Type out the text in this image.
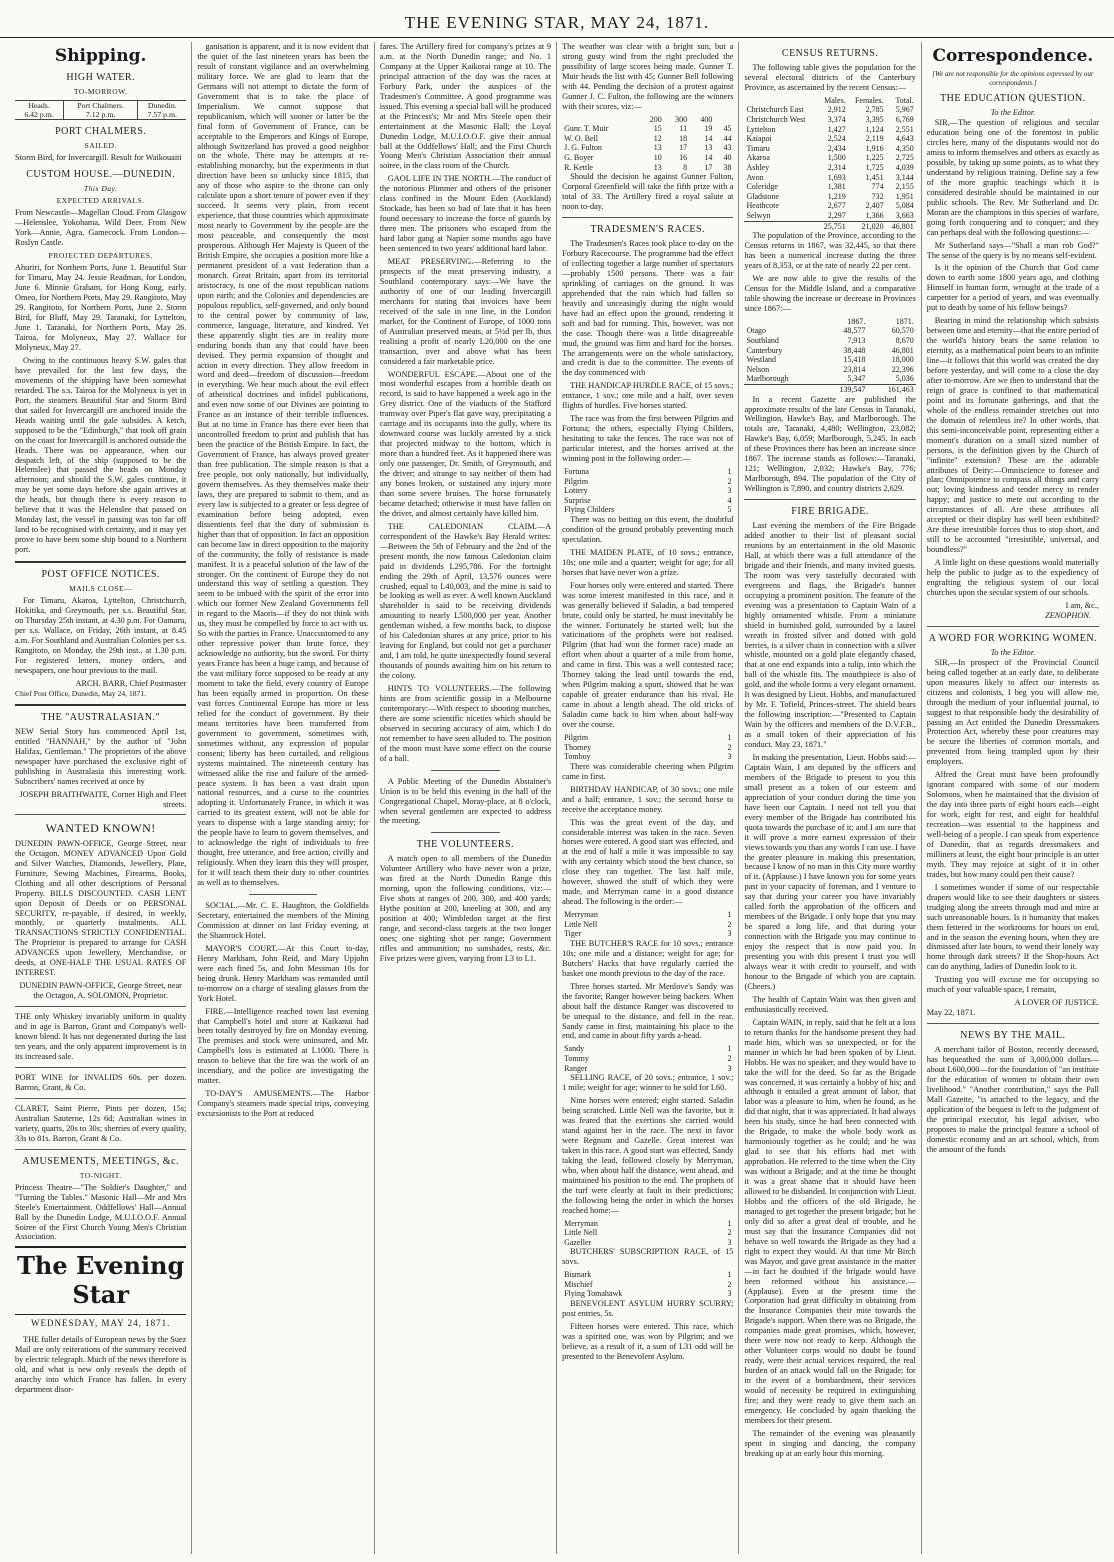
THE EVENING STAR, MAY 24, 1871.
Shipping.
HIGH WATER.
TO-MORROW.
Heads.
6.42 p.m.

Port Chalmers.
7.12 p.m.

Dunedin.
7.57 p.m.
PORT CHALMERS.
SAILED.

Storm Bird, for Invercargill. Result for Waikouaiti

CUSTOM HOUSE.—DUNEDIN.
This Day.
EXPECTED ARRIVALS.

From Newcastle—Magellan Cloud. From Glasgow—Helenslee, Yokohama, Wild Deer. From New York—Annie, Agra, Gamecock. From London—Roslyn Castle.

PROJECTED DEPARTURES.

Ahuriri, for Northern Ports, June 1. Beautiful Star for Timaru, May 24. Jessie Readman, for London, June 6. Minnie Graham, for Hong Kong, early. Omeo, for Northern Ports, May 29. Rangitoto, May 29. Rangitoto, for Northern Ports, June 2. Storm Bird, for Bluff, May 29. Taranaki, for Lyttelton, June 1. Taranaki, for Northern Ports, May 26. Tairoa, for Molyneux, May 27. Wallace for Molyneux, May 27.

Owing to the continuous heavy S.W. gales that have prevailed for the last few days, the movements of the shipping have been somewhat retarded. The s.s. Tairoa for the Molyneux is yet in Port, the steamers Beautiful Star and Storm Bird that sailed for Invercargill are anchored inside the Heads waiting until the gale subsides. A ketch, supposed to be the "Edinburgh," that took off grain on the coast for Invercargill is anchored outside the Heads. There was no appearance, when our despatch left, of the ship (supposed to be the Helenslee) that passed the heads on Monday afternoon; and should the S.W. gales continue, it may be yet some days before she again arrives at the heads, but though there is every reason to believe that it was the Helenslee that passed on Monday last, the vessel in passing was too far off land to be recognised with certainty, and it may yet prove to have been some ship bound to a Northern port.

POST OFFICE NOTICES.
MAILS CLOSE—

For Timaru, Akaroa, Lyttelton, Christchurch, Hokitika, and Greymouth, per s.s. Beautiful Star, on Thursday 25th instant, at 4.30 p.m. For Oamaru, per s.s. Wallace, on Friday, 26th instant, at 8.45 a.m. For Southland and Australian Colonies per s.s. Rangitoto, on Monday, the 29th inst., at 1.30 p.m. For registered letters, money orders, and newspapers, one hour previous to the mail.

ARCH. BARR, Chief Postmaster
Chief Post Office, Dunedin, May 24, 1871.
THE "AUSTRALASIAN."

NEW Serial Story has commenced April 1st, entitled "HANNAH," by the author of "John Halifax, Gentleman." The proprietors of the above newspaper have purchased the exclusive right of publishing in Australasia this interesting work. Subscribers' names received at once by

JOSEPH BRAITHWAITE, Corner High and Fleet streets.
WANTED KNOWN!

DUNEDIN PAWN-OFFICE, George Street, near the Octagon. MONEY ADVANCED Upon Gold and Silver Watches, Diamonds, Jewellery, Plate, Furniture, Sewing Machines, Firearms, Books, Clothing and all other descriptions of Personal Property. BILLS DISCOUNTED. CASH LENT upon Deposit of Deeds or on PERSONAL SECURITY, re-payable, if desired, in weekly, monthly, or quarterly instalments. ALL TRANSACTIONS STRICTLY CONFIDENTIAL. The Proprietor is prepared to arrange for CASH ADVANCES upon Jewellery, Merchandise, or deeds, at ONE-HALF THE USUAL RATES OF INTEREST.

DUNEDIN PAWN-OFFICE, George Street, near the Octagon, A. SOLOMON, Proprietor.

THE only Whiskey invariably uniform in quality and in age is Barron, Grant and Company's well-known blend. It has not degenerated during the last ten years, and the only apparent improvement is in its increased sale.

PORT WINE for INVALIDS 60s. per dozen. Barron, Grant, & Co.

CLARET, Saint Pierre, Pints per dozen, 15s; Australian Sauterne, 12s 6d; Australian wines in variety, quarts, 20s to 30s; sherries of every quality, 33s to 81s. Barron, Grant & Co.

AMUSEMENTS, MEETINGS, &c.
TO-NIGHT.

Princess Theatre—"The Soldier's Daughter," and "Turning the Tables." Masonic Hall—Mr and Mrs Steele's Entertainment. Oddfellows' Hall—Annual Ball by the Dunedin Lodge, M.U.I.O.O.F. Annual Soiree of the First Church Young Men's Christian Association.

The Evening Star
WEDNESDAY, MAY 24, 1871.

THE fuller details of European news by the Suez Mail are only reiterations of the summary received by electric telegraph. Much of the news therefore is old, and what is new only reveals the depth of anarchy into which France has fallen. In every department disor-

ganisation is apparent, and it is now evident that the quiet of the last nineteen years has been the result of constant vigilance and an overwhelming military force. We are glad to learn that the Germans will not attempt to dictate the form of Government that is to take the place of Imperialism. We cannot suppose that republicanism, which will sooner or latter be the final form of Government of France, can be acceptable to the Emperors and Kings of Europe, although Switzerland has proved a good neighbor on the whole. There may be attempts at re-establishing monarchy, but the experiments in that direction have been so unlucky since 1815, that any of those who aspire to the throne can only calculate upon a short tenure of power even if they succeed. It seems very plain, from recent experience, that those countries which approximate most nearly to Government by the people are the most peaceable, and consequently the most prosperous. Although Her Majesty is Queen of the British Empire, she occupies a position more like a permanent president of a vast federation than a monarch. Great Britain, apart from its territorial aristocracy, is one of the most republican nations upon earth; and the Colonies and dependencies are populous republics, self-governed, and only bound to the central power by community of law, commerce, language, literature, and kindred. Yet these apparently slight ties are in reality more enduring bonds than any that could have been devised. They permit expansion of thought and action in every direction. They allow freedom in word and deed—freedom of discussion—freedom in everything. We hear much about the evil effect of atheistical doctrines and infidel publications, and even now some of our Divines are pointing to France as an instance of their terrible influences. But at no time in France has there ever been that uncontrolled freedom to print and publish that has been the practice of the British Empire. In fact, the Government of France, has always proved greater than free publication. The simple reason is that a free people, not only nationally, but individually, govern themselves. As they themselves make their laws, they are prepared to submit to them, and as every law is subjected to a greater or less degree of examination before being adopted, even dissentients feel that the duty of submission is higher than that of opposition. In fact an opposition can become law in direct opposition to the majority of the community, the folly of resistance is made manifest. It is a peaceful solution of the law of the stronger. On the continent of Europe they do not understand this way of settling a question. They seem to be imbued with the spirit of the error into which our former New Zealand Governments fell in regard to the Maoris—if they do not think with us, they must be compelled by force to act with us. So with the parties in France. Unaccustomed to any other repressive power than brute force, they acknowledge no authority, but the sword. For thirty years France has been a huge camp, and because of the vast military force supposed to be ready at any moment to take the field, every country of Europe has been equally armed in proportion. On these vast forces Continental Europe has more or less relied for the conduct of government. By their means territories have been transferred from government to government, sometimes with, sometimes without, any expression of popular consent; liberty has been curtailed, and religious systems maintained. The nineteenth century has witnessed alike the rise and failure of the armed-peace system. It has been a vast drain upon national resources, and a curse to the countries adopting it. Unfortunately France, in which it was carried to its greatest extent, will not be able for years to dispense with a large standing army; for the people have to learn to govern themselves, and to acknowledge the right of individuals to free thought, free utterance, and free action, civilly and religiously. When they learn this they will prosper, for it will teach them their duty to other countries as well as to themselves.

SOCIAL.—Mr. C. E. Haughton, the Goldfields Secretary, entertained the members of the Mining Commission at dinner on last Friday evening, at the Shamrock Hotel.

MAYOR'S COURT.—At this Court to-day, Henry Markham, John Reid, and Mary Upjohn were each fined 5s, and John Messman 10s for being drunk. Henry Markham was remanded until to-morrow on a charge of stealing glasses from the York Hotel.

FIRE.—Intelligence reached town last evening that Campbell's hotel and store at Kaikanui had been totally destroyed by fire on Monday evening. The premises and stock were uninsured, and Mr. Campbell's loss is estimated at L1000. There is reason to believe that the fire was the work of an incendiary, and the police are investigating the matter.

TO-DAY'S AMUSEMENTS.—The Harbor Company's steamers made special trips, conveying excursionists to the Port at reduced

fares. The Artillery fired for company's prizes at 9 a.m. at the North Dunedin range; and No. 1 Company at the Upper Kaikorai range at 10. The principal attraction of the day was the races at Forbury Park, under the auspices of the Tradesmen's Committee. A good programme was issued. This evening a special ball will be produced at the Princess's; Mr and Mrs Steele open their entertainment at the Masonic Hall; the Loyal Dunedin Lodge, M.U.I.O.O.F. give their annual ball at the Oddfellows' Hall; and the First Church Young Men's Christian Association their annual soiree, in the class room of the Church.

GAOL LIFE IN THE NORTH.—The conduct of the notorious Plimmer and others of the prisoner class confined in the Mount Eden (Auckland) Stockade, has been so bad of late that it has been found necessary to increase the force of guards by three men. The prisoners who escaped from the hard labor gang at Napier some months ago have been sentenced to two years' additional hard labor.

MEAT PRESERVING.—Referring to the prospects of the meat preserving industry, a Southland contemporary says:—We have the authority of one of our leading Invercargill merchants for stating that invoices have been received of the sale in one line, in the London market, for the Continent of Europe, of 1000 tons of Australian preserved meats, at 5½d per lb, thus realising a profit of nearly L20,000 on the one transaction, over and above what has been considered a fair marketable price.

WONDERFUL ESCAPE.—About one of the most wonderful escapes from a horrible death on record, is said to have happened a week ago in the Grey district. One of the viaducts of the Stafford tramway over Piper's flat gave way, precipitating a carriage and its occupants into the gully, where its downward course was luckily arrested by a stick that projected midway to the bottom, which is more than a hundred feet. As it happened there was only one passenger, Dr. Smith, of Greymouth, and the driver; and strange to say neither of them had any bones broken, or sustained any injury more than some severe bruises. The horse fortunately became detached; otherwise it must have fallen on the driver, and almost certainly have killed him.

THE CALEDONIAN CLAIM.—A correspondent of the Hawke's Bay Herald writes:—Between the 5th of February and the 2nd of the present month, the now famous Caledonian claim paid in dividends L295,786. For the fortnight ending the 29th of April, 13,576 ounces were crushed, equal to L40,003, and the mine is said to be looking as well as ever. A well known Auckland shareholder is said to be receiving dividends amounting to nearly L500,000 per year. Another gentleman wished, a few months back, to dispose of his Caledonian shares at any price, prior to his leaving for England, but could not get a purchaser and, I am told, he quite unexpectedly found several thousands of pounds awaiting him on his return to the colony.

HINTS TO VOLUNTEERS.—The following hints are from scientific gossip in a Melbourne contemporary:—With respect to shooting matches, there are some scientific niceties which should be observed in securing accuracy of aim, which I do not remember to have seen alluded to. The position of the moon must have some effect on the course of a ball.

A Public Meeting of the Dunedin Abstainer's Union is to be held this evening in the hall of the Congregational Chapel, Moray-place, at 8 o'clock, when several gentlemen are expected to address the meeting.

THE VOLUNTEERS.

A match open to all members of the Dunedin Volunteer Artillery who have never won a prize, was fired at the North Dunedin Range this morning, upon the following conditions, viz:—Five shots at ranges of 200, 300, and 400 yards; Hythe position at 200, kneeling at 300, and any position at 400; Wimbledon target at the first range, and second-class targets at the two longer ones; one sighting shot per range; Government rifles and ammunition; no sunshades, rests, &c. Five prizes were given, varying from L3 to L1.

The weather was clear with a bright sun, but a strong gusty wind from the right precluded the possibility of large scores being made. Gunner T. Muir heads the list with 45; Gunner Bell following with 44. Pending the decision of a protest against Gunner J. C. Fulton, the following are the winners with their scores, viz:—

	200	300	400	
Gunr. T. Muir	15	11	19	45
W. O. Bell	12	18	14	44
J. G. Fulton	13	17	13	43
G. Boyer	10	16	14	40
R. Kettle	13	8	17	38

Should the decision be against Gunner Fulton, Corporal Greenfield will take the fifth prize with a total of 33. The Artillery fired a royal salute at noon to-day.

TRADESMEN'S RACES.

The Tradesmen's Races took place to-day on the Forbury Racecourse. The programme had the effect of collecting together a large number of spectators—probably 1500 persons. There was a fair sprinkling of carriages on the ground. It was apprehended that the rain which had fallen so heavily and unceasingly during the night would have had an effect upon the ground, rendering it soft and bad for running. This, however, was not the case. Though there was a little disagreeable mud, the ground was firm and hard for the horses. The arrangements were on the whole satisfactory, and credit is due to the committee. The events of the day commenced with

THE HANDICAP HURDLE RACE, of 15 sovs.; entrance, 1 sov.; one mile and a half, over seven flights of hurdles. Five horses started.

The race was from the first between Pilgrim and Fortuna; the others, especially Flying Childers, hesitating to take the fences. The race was not of particular interest, and the horses arrived at the winning post in the following order:—

Fortuna	1
Pilgrim	2
Lottery	3
Surprise	4
Flying Childers	5

There was no betting on this event, the doubtful condition of the ground probably preventing much speculation.

THE MAIDEN PLATE, of 10 sovs.; entrance, 10s; one mile and a quarter; weight for age; for all horses that have never won a prize.

Four horses only were entered and started. There was some interest manifested in this race, and it was generally believed if Saladin, a bad tempered brute, could only be started, he must inevitably be the winner. Fortunately he started well; but the vaticinations of the prophets were not realised. Pilgrim (that had won the former race) made an effort when about a quarter of a mile from home, and came in first. This was a well contested race; Thorney taking the lead until towards the end, when Pilgrim making a spurt, showed that he was capable of greater endurance than his rival. He came in about a length ahead. The old tricks of Saladin came back to him when about half-way over the course.

Pilgrim	1
Thorney	2
Tomboy	3

There was considerable cheering when Pilgrim came in first.

BIRTHDAY HANDICAP, of 30 sovs.; one mile and a half; entrance, 1 sov.; the second horse to receive the acceptance money.

This was the great event of the day, and considerable interest was taken in the race. Seven horses were entered. A good start was effected, and at the end of half a mile it was impossible to say with any certainty which stood the best chance, so close they ran together. The last half mile, however, showed the stuff of which they were made, and Merryman came in a good distance ahead. The following is the order:—

Merryman	1
Little Nell	2
Tiger	3

THE BUTCHER'S RACE for 10 sovs.; entrance 10s; one mile and a distance; weight for age; for Butchers' Hacks that have regularly carried the basket one month previous to the day of the race.

Three horses started. Mr Menlove's Sandy was the favorite; Ranger however being backers. When about half the distance Ranger was discovered to be unequal to the distance, and fell in the rear. Sandy came in first, maintaining his place to the end, and came in about fifty yards a-head.

Sandy	1
Tommy	2
Ranger	3

SELLING RACE, of 20 sovs.; entrance, 1 sov.; 1 mile; weight for age; winner to be sold for L60.

Nine horses were entered; eight started. Saladin being scratched. Little Nell was the favorite, but it was feared that the exertions she carried would stand against her in the race. The next in favor were Regnum and Gazelle. Great interest was taken in this race. A good start was effected, Sandy taking the lead, followed closely by Merryman, who, when about half the distance, went ahead, and maintained his position to the end. The prophets of the turf were clearly at fault in their predictions; the following being the order in which the horses reached home:—

Merryman	1
Little Nell	2
Gazeller	3

BUTCHERS' SUBSCRIPTION RACE, of 15 sovs.

Bismark	1
Mischief	2
Flying Tomahawk	3

BENEVOLENT ASYLUM HURRY SCURRY; post entries, 5s.

Fifteen horses were entered. This race, which was a spirited one, was won by Pilgrim; and we believe, as a result of it, a sum of L31 odd will be presented to the Benevolent Asylum.

CENSUS RETURNS.

The following table gives the population for the several electoral districts of the Canterbury Province, as ascertained by the recent Census:—

	Males.	Females.	Total.
Christchurch East	2,912	2,785	5,967
Christchurch West	3,374	3,395	6,769
Lyttelton	1,427	1,124	2,551
Kaiapoi	2,524	2,119	4,643
Timaru	2,434	1,916	4,350
Akaroa	1,500	1,225	2,725
Ashley	2,314	1,725	4,039
Avon	1,693	1,451	3,144
Coleridge	1,381	774	2,155
Gladstone	1,219	732	1,951
Heathcote	2,677	2,407	5,084
Selwyn	2,297	1,366	3,663
	25,751	21,020	46,801

The population of the Province, according to the Census returns in 1867, was 32,445, so that there has been a numerical increase during the three years of 8,353, or at the rate of nearly 22 per cent.

We are now able to give the results of the Census for the Middle Island, and a comparative table showing the increase or decrease in Provinces since 1867:—

	1867.	1871.
Otago	48,577	60,570
Southland	7,913	8,670
Canterbury	38,448	46,801
Westland	15,418	18,000
Nelson	23,814	22,396
Marlborough	5,347	5,036
	139,547	161,463

In a recent Gazette are published the approximate results of the late Census in Taranaki, Wellington, Hawke's Bay, and Marlborough. The totals are, Taranaki, 4,480; Wellington, 23,082; Hawke's Bay, 6,059; Marlborough, 5,245. In each of these Provinces there has been an increase since 1867. The increase stands as follows:—Taranaki, 121; Wellington, 2,032; Hawke's Bay, 776; Marlborough, 894. The population of the City of Wellington is 7,890, and country districts 2,629.

FIRE BRIGADE.

Last evening the members of the Fire Brigade added another to their list of pleasant social reunions by an entertainment in the old Masonic Hall, at which there was a full attendance of the brigade and their friends, and many invited guests. The room was very tastefully decorated with evergreens and flags, the Brigade's banner occupying a prominent position. The feature of the evening was a presentation to Captain Wain of a highly ornamented whistle. From a miniature shield in burnished gold, surrounded by a laurel wreath in frosted silver and dotted with gold berries, is a silver chain in connection with a silver whistle, mounted on a gold plate elegantly chased, that at one end expands into a tulip, into which the ball of the whistle fits. The mouthpiece is also of gold, and the whole forms a very elegant ornament. It was designed by Lieut. Hobbs, and manufactured by Mr. F. Tofield, Princes-street. The shield bears the following inscription:—"Presented to Captain Wain by the officers and members of the D.V.F.B., as a small token of their appreciation of his conduct. May 23, 1871."

In making the presentation, Lieut. Hobbs said:—Captain Wain, I am deputed by the officers and members of the Brigade to present to you this small present as a token of our esteem and appreciation of your conduct during the time you have been our Captain. I need not tell you that every member of the Brigade has contributed his quota towards the purchase of it; and I am sure that it will prove a more earnest expression of their views towards you than any words I can use. I have the greater pleasure in making this presentation, because I know of no man in this City more worthy of it. (Applause.) I have known you for some years past in your capacity of foreman, and I venture to say that during your career you have invariably called forth the approbation of the officers and members of the Brigade. I only hope that you may be spared a long life, and that during your connection with the Brigade you may continue to enjoy the respect that is now paid you. In presenting you with this present I trust you will always wear it with credit to yourself, and with honour to the Brigade of which you are captain. (Cheers.)

The health of Captain Wain was then given and enthusiastically received.

Captain WAIN, in reply, said that he felt at a loss to return thanks for the handsome present they had made him, which was so unexpected, or for the manner in which he had been spoken of by Lieut. Hobbs. He was no speaker, and they would have to take the will for the deed. So far as the Brigade was concerned, it was certainly a hobby of his; and although it entailed a great amount of labor, that labor was a pleasure to him, when he found, as he did that night, that it was appreciated. It had always been his study, since he had been connected with the Brigade, to make the whole body work as harmoniously together as he could; and he was glad to see that his efforts had met with approbation. He referred to the time when the City was without a Brigade; and at the time he thought it was a great shame that it should have been allowed to be disbanded. In conjunction with Lieut. Hobbs and the officers of the old Brigade, he managed to get together the present brigade; but he only did so after a great deal of trouble, and he must say that the Insurance Companies did not behave so well towards the Brigade as they had a right to expect they would. At that time Mr Birch was Mayor, and gave great assistance in the matter—in fact he doubted if the brigade would have been reformed without his assistance.—(Applause). Even at the present time the Corporation had great difficulty in obtaining from the Insurance Companies their mite towards the Brigade's support. When there was no Brigade, the companies made great promises, which, however, there were now not ready to keep. Although the other Volunteer corps would no doubt be found ready, were their actual services required, the real burden of an attack would fall on the Brigade; for in the event of a bombardment, their services would of necessity be required in extinguishing fire; and they were ready to give them such an emergency. He concluded by again thanking the members for their present.

The remainder of the evening was pleasantly spent in singing and dancing, the company breaking up at an early hour this morning.

Correspondence.
[We are not responsible for the opinions expressed by our correspondents.]
THE EDUCATION QUESTION.
To the Editor.

SIR,—The question of religious and secular education being one of the foremost in public circles here, many of the disputants would not do amiss to inform themselves and others as exactly as possible, by taking up some points, as to what they understand by religious training. Define say a few of the more graphic teachings which it is considered desirable should be maintained in our public schools. The Rev. Mr Sutherland and Dr. Moran are the champions in this species of warfare, going forth conquering and to conquer; and they can perhaps deal with the following questions:—

Mr Sutherland says—"Shall a man rob God?" The sense of the query is by no means self-evident.

Is it the opinion of the Church that God came down to earth some 1800 years ago, and clothing Himself in human form, wrought at the trade of a carpenter for a period of years, and was eventually put to death by some of his fellow beings?

Bearing in mind the relationship which subsists between time and eternity—that the entire period of the world's history bears the same relation to eternity, as a mathematical point bears to an infinite line—it follows that this world was created the day before yesterday, and will come to a close the day after to-morrow. Are we then to understand that the reign of grace is confined to that mathematical point and its fortunate gatherings, and that the whole of the endless remainder stretches out into the domain of relentless ire? In other words, that this semi-inconceivable point, representing either a moment's duration on a small sized number of persons, is the definition given by the Church of "infinite" extension? These are the adorable attributes of Deity:—Omniscience to foresee and plan; Omnipotence to compass all things and carry out; loving kindness and tender mercy to render happy; and justice to mete out according to the circumstances of all. Are these attributes all accepted or their display has well been exhibited? Are these irresistible forces thus to stop short, and still to be accounted "irresistible, universal, and boundless?"

A little light on these questions would materially help the public to judge as to the expediency of engrafting the religious system of our local churches upon the secular system of our schools.

I am, &c.,
ZENOPHON.
A WORD FOR WORKING WOMEN.
To the Editor.

SIR,—In prospect of the Provincial Council being called together at an early date, to deliberate upon measures likely to affect our interests as citizens and colonists, I beg you will allow me, through the medium of your influential journal, to suggest to that responsible body the desirability of passing an Act entitled the Dunedin Dressmakers Protection Act, whereby these poor creatures may be secure the liberties of common mortals, and prevented from being trampled upon by their employers.

Alfred the Great must have been profoundly ignorant compared with some of our modern Solomons, when he maintained that the division of the day into three parts of eight hours each—eight for work, eight for rest, and eight for healthful recreation—was essential to the happiness and well-being of a people. I can speak from experience of Dunedin, that as regards dressmakers and milliners at least, the eight hour principle is an utter myth. They may rejoice at sight of it in other trades, but how many could pen their cause?

I sometimes wonder if some of our respectable drapers would like to see their daughters or sisters trudging along the streets through mud and mire at such unreasonable hours. Is it humanity that makes them fettered in the workrooms for hours on end, and in the season the evening hours, when they are dismissed after late hours, to wend their lonely way home through dark streets? If the Shop-hours Act can do anything, ladies of Dunedin look to it.

Trusting you will excuse me for occupying so much of your valuable space, I remain,

A LOVER OF JUSTICE.
May 22, 1871.
NEWS BY THE MAIL.

A merchant tailor of Boston, recently deceased, has bequeathed the sum of 3,000,000 dollars—about L600,000—for the foundation of "an institute for the education of women to obtain their own livelihood." "Another contribution," says the Pall Mall Gazette, "is attached to the legacy, and the application of the bequest is left to the judgment of the principal executor, his legal adviser, who proposes to make the principal feature a school of domestic economy and an art school, which, from the amount of the funds
